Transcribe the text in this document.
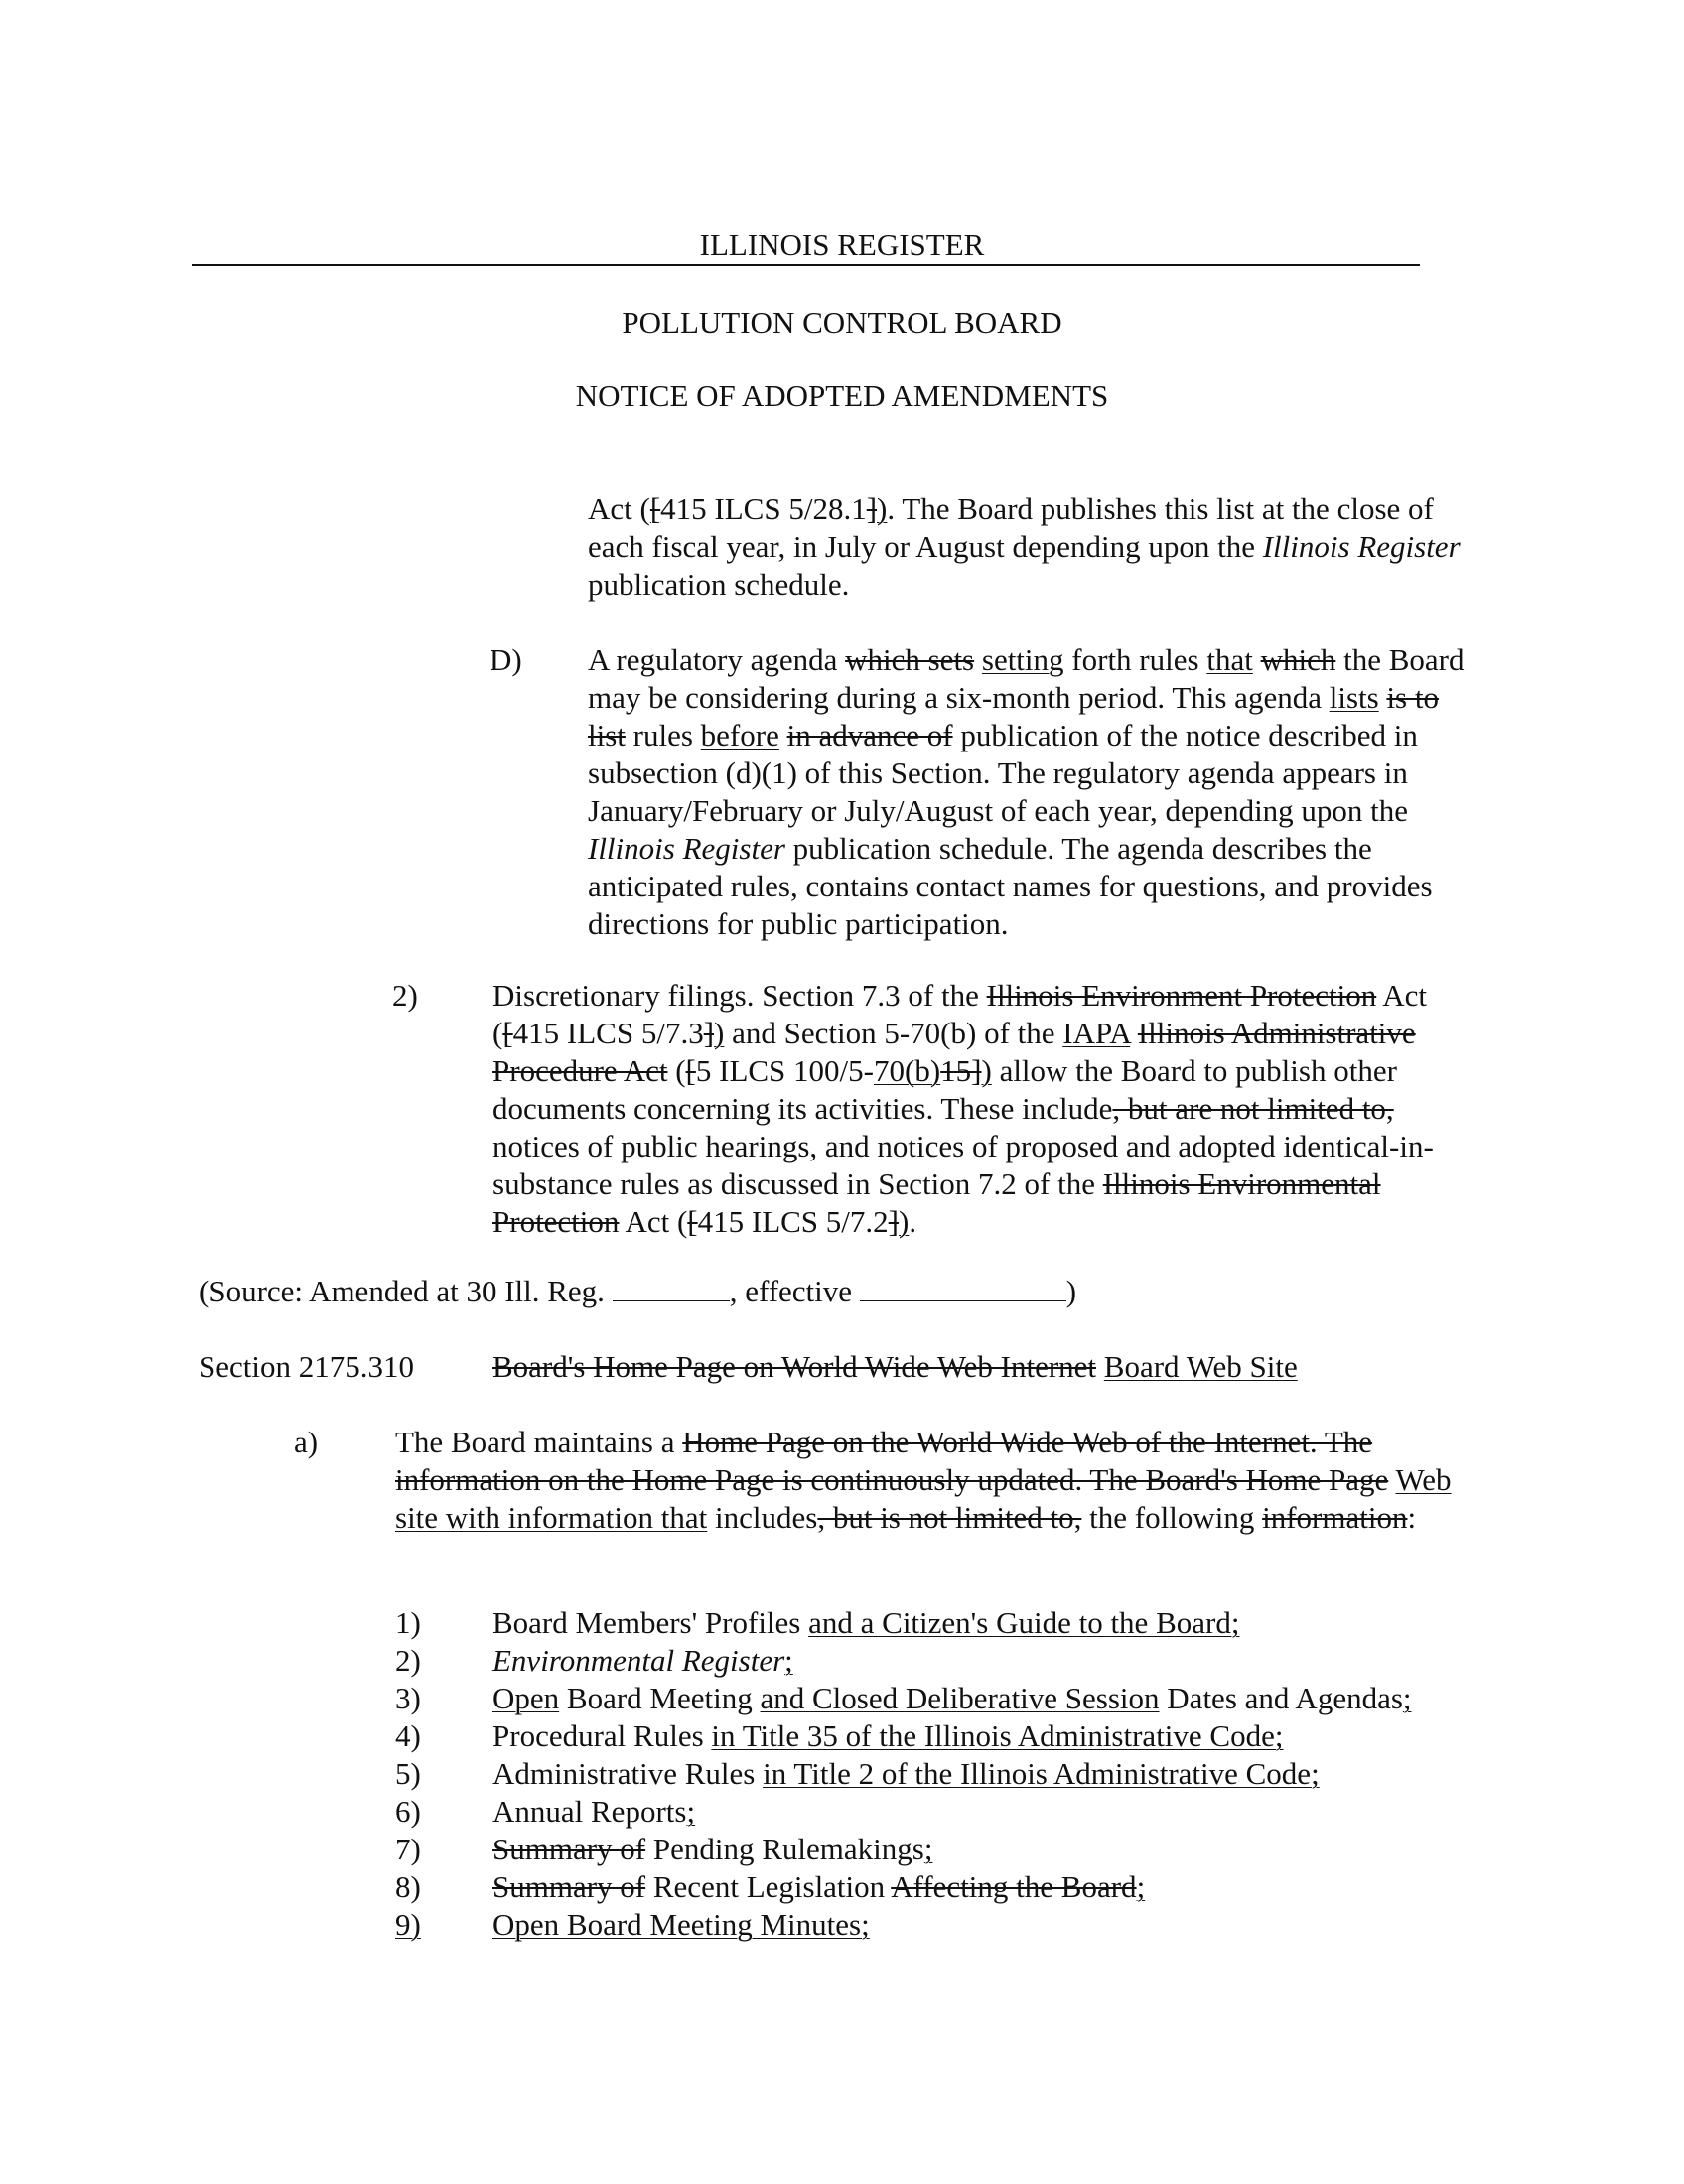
ILLINOIS REGISTER
POLLUTION CONTROL BOARD
NOTICE OF ADOPTED AMENDMENTS
Act ([415 ILCS 5/28.1]). The Board publishes this list at the close of each fiscal year, in July or August depending upon the Illinois Register publication schedule.
D) A regulatory agenda which sets setting forth rules that which the Board may be considering during a six-month period. This agenda lists is to list rules before in advance of publication of the notice described in subsection (d)(1) of this Section. The regulatory agenda appears in January/February or July/August of each year, depending upon the Illinois Register publication schedule. The agenda describes the anticipated rules, contains contact names for questions, and provides directions for public participation.
2) Discretionary filings. Section 7.3 of the Illinois Environment Protection Act ([415 ILCS 5/7.3]) and Section 5-70(b) of the IAPA Illinois Administrative Procedure Act ([5 ILCS 100/5-70(b)15]) allow the Board to publish other documents concerning its activities. These include, but are not limited to, notices of public hearings, and notices of proposed and adopted identical-in-substance rules as discussed in Section 7.2 of the Illinois Environmental Protection Act ([415 ILCS 5/7.2]).
(Source: Amended at 30 Ill. Reg.	, effective	)
Section 2175.310	Board's Home Page on World Wide Web Internet Board Web Site
a)	The Board maintains a Home Page on the World Wide Web of the Internet. The information on the Home Page is continuously updated. The Board's Home Page Web site with information that includes, but is not limited to, the following information:
1)	Board Members' Profiles and a Citizen's Guide to the Board;
2)	Environmental Register;
3)	Open Board Meeting and Closed Deliberative Session Dates and Agendas;
4)	Procedural Rules in Title 35 of the Illinois Administrative Code;
5)	Administrative Rules in Title 2 of the Illinois Administrative Code;
6)	Annual Reports;
7)	Summary of Pending Rulemakings;
8)	Summary of Recent Legislation Affecting the Board;
9)	Open Board Meeting Minutes;
